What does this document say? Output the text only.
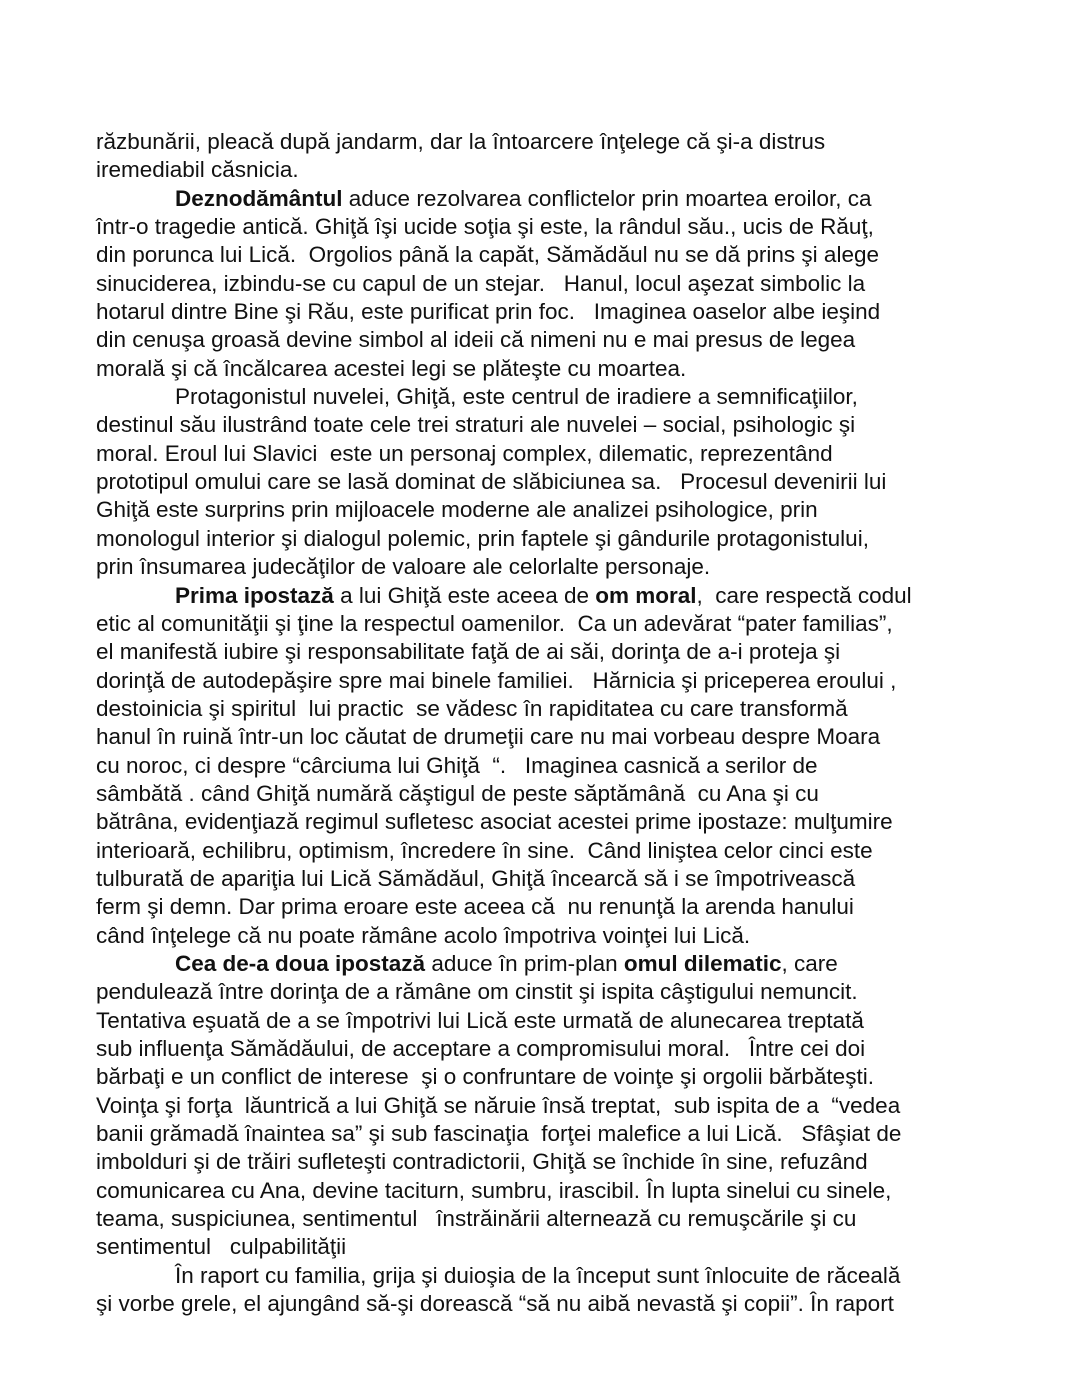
răzbunării, pleacă după jandarm, dar la întoarcere înţelege că şi-a distrus
iremediabil căsnicia.
Deznodământul aduce rezolvarea conflictelor prin moartea eroilor, ca
într-o tragedie antică. Ghiţă îşi ucide soţia şi este, la rândul său., ucis de Răuţ,
din porunca lui Lică.  Orgolios până la capăt, Sămădăul nu se dă prins şi alege
sinuciderea, izbindu-se cu capul de un stejar.   Hanul, locul aşezat simbolic la
hotarul dintre Bine şi Rău, este purificat prin foc.   Imaginea oaselor albe ieşind
din cenuşa groasă devine simbol al ideii că nimeni nu e mai presus de legea
morală şi că încălcarea acestei legi se plăteşte cu moartea.
Protagonistul nuvelei, Ghiţă, este centrul de iradiere a semnificaţiilor,
destinul său ilustrând toate cele trei straturi ale nuvelei – social, psihologic şi
moral. Eroul lui Slavici  este un personaj complex, dilematic, reprezentând
prototipul omului care se lasă dominat de slăbiciunea sa.   Procesul devenirii lui
Ghiţă este surprins prin mijloacele moderne ale analizei psihologice, prin
monologul interior şi dialogul polemic, prin faptele şi gândurile protagonistului,
prin însumarea judecăţilor de valoare ale celorlalte personaje.
Prima ipostază a lui Ghiţă este aceea de om moral,  care respectă codul
etic al comunităţii şi ţine la respectul oamenilor.  Ca un adevărat “pater familias”,
el manifestă iubire şi responsabilitate faţă de ai săi, dorinţa de a-i proteja şi
dorinţă de autodepăşire spre mai binele familiei.   Hărnicia şi priceperea eroului ,
destoinicia şi spiritul  lui practic  se vădesc în rapiditatea cu care transformă
hanul în ruină într-un loc căutat de drumeţii care nu mai vorbeau despre Moara
cu noroc, ci despre “cârciuma lui Ghiţă  “.   Imaginea casnică a serilor de
sâmbătă . când Ghiţă numără căştigul de peste săptămână  cu Ana şi cu
bătrâna, evidenţiază regimul sufletesc asociat acestei prime ipostaze: mulţumire
interioară, echilibru, optimism, încredere în sine.  Când liniştea celor cinci este
tulburată de apariţia lui Lică Sămădăul, Ghiţă încearcă să i se împotrivească
ferm şi demn. Dar prima eroare este aceea că  nu renunţă la arenda hanului
când înţelege că nu poate rămâne acolo împotriva voinţei lui Lică.
Cea de-a doua ipostază aduce în prim-plan omul dilematic, care
pendulează între dorinţa de a rămâne om cinstit şi ispita câştigului nemuncit.
Tentativa eşuată de a se împotrivi lui Lică este urmată de alunecarea treptată
sub influenţa Sămădăului, de acceptare a compromisului moral.   Între cei doi
bărbaţi e un conflict de interese  şi o confruntare de voinţe şi orgolii bărbăteşti.
Voinţa şi forţa  lăuntrică a lui Ghiţă se năruie însă treptat,  sub ispita de a  “vedea
banii grămadă înaintea sa” şi sub fascinaţia  forţei malefice a lui Lică.   Sfâşiat de
imbolduri şi de trăiri sufleteşti contradictorii, Ghiţă se închide în sine, refuzând
comunicarea cu Ana, devine taciturn, sumbru, irascibil. În lupta sinelui cu sinele,
teama, suspiciunea, sentimentul   înstrăinării alternează cu remuşcările şi cu
sentimentul   culpabilităţii
În raport cu familia, grija şi duioşia de la început sunt înlocuite de răceală
şi vorbe grele, el ajungând să-şi dorească “să nu aibă nevastă şi copii”. În raport
